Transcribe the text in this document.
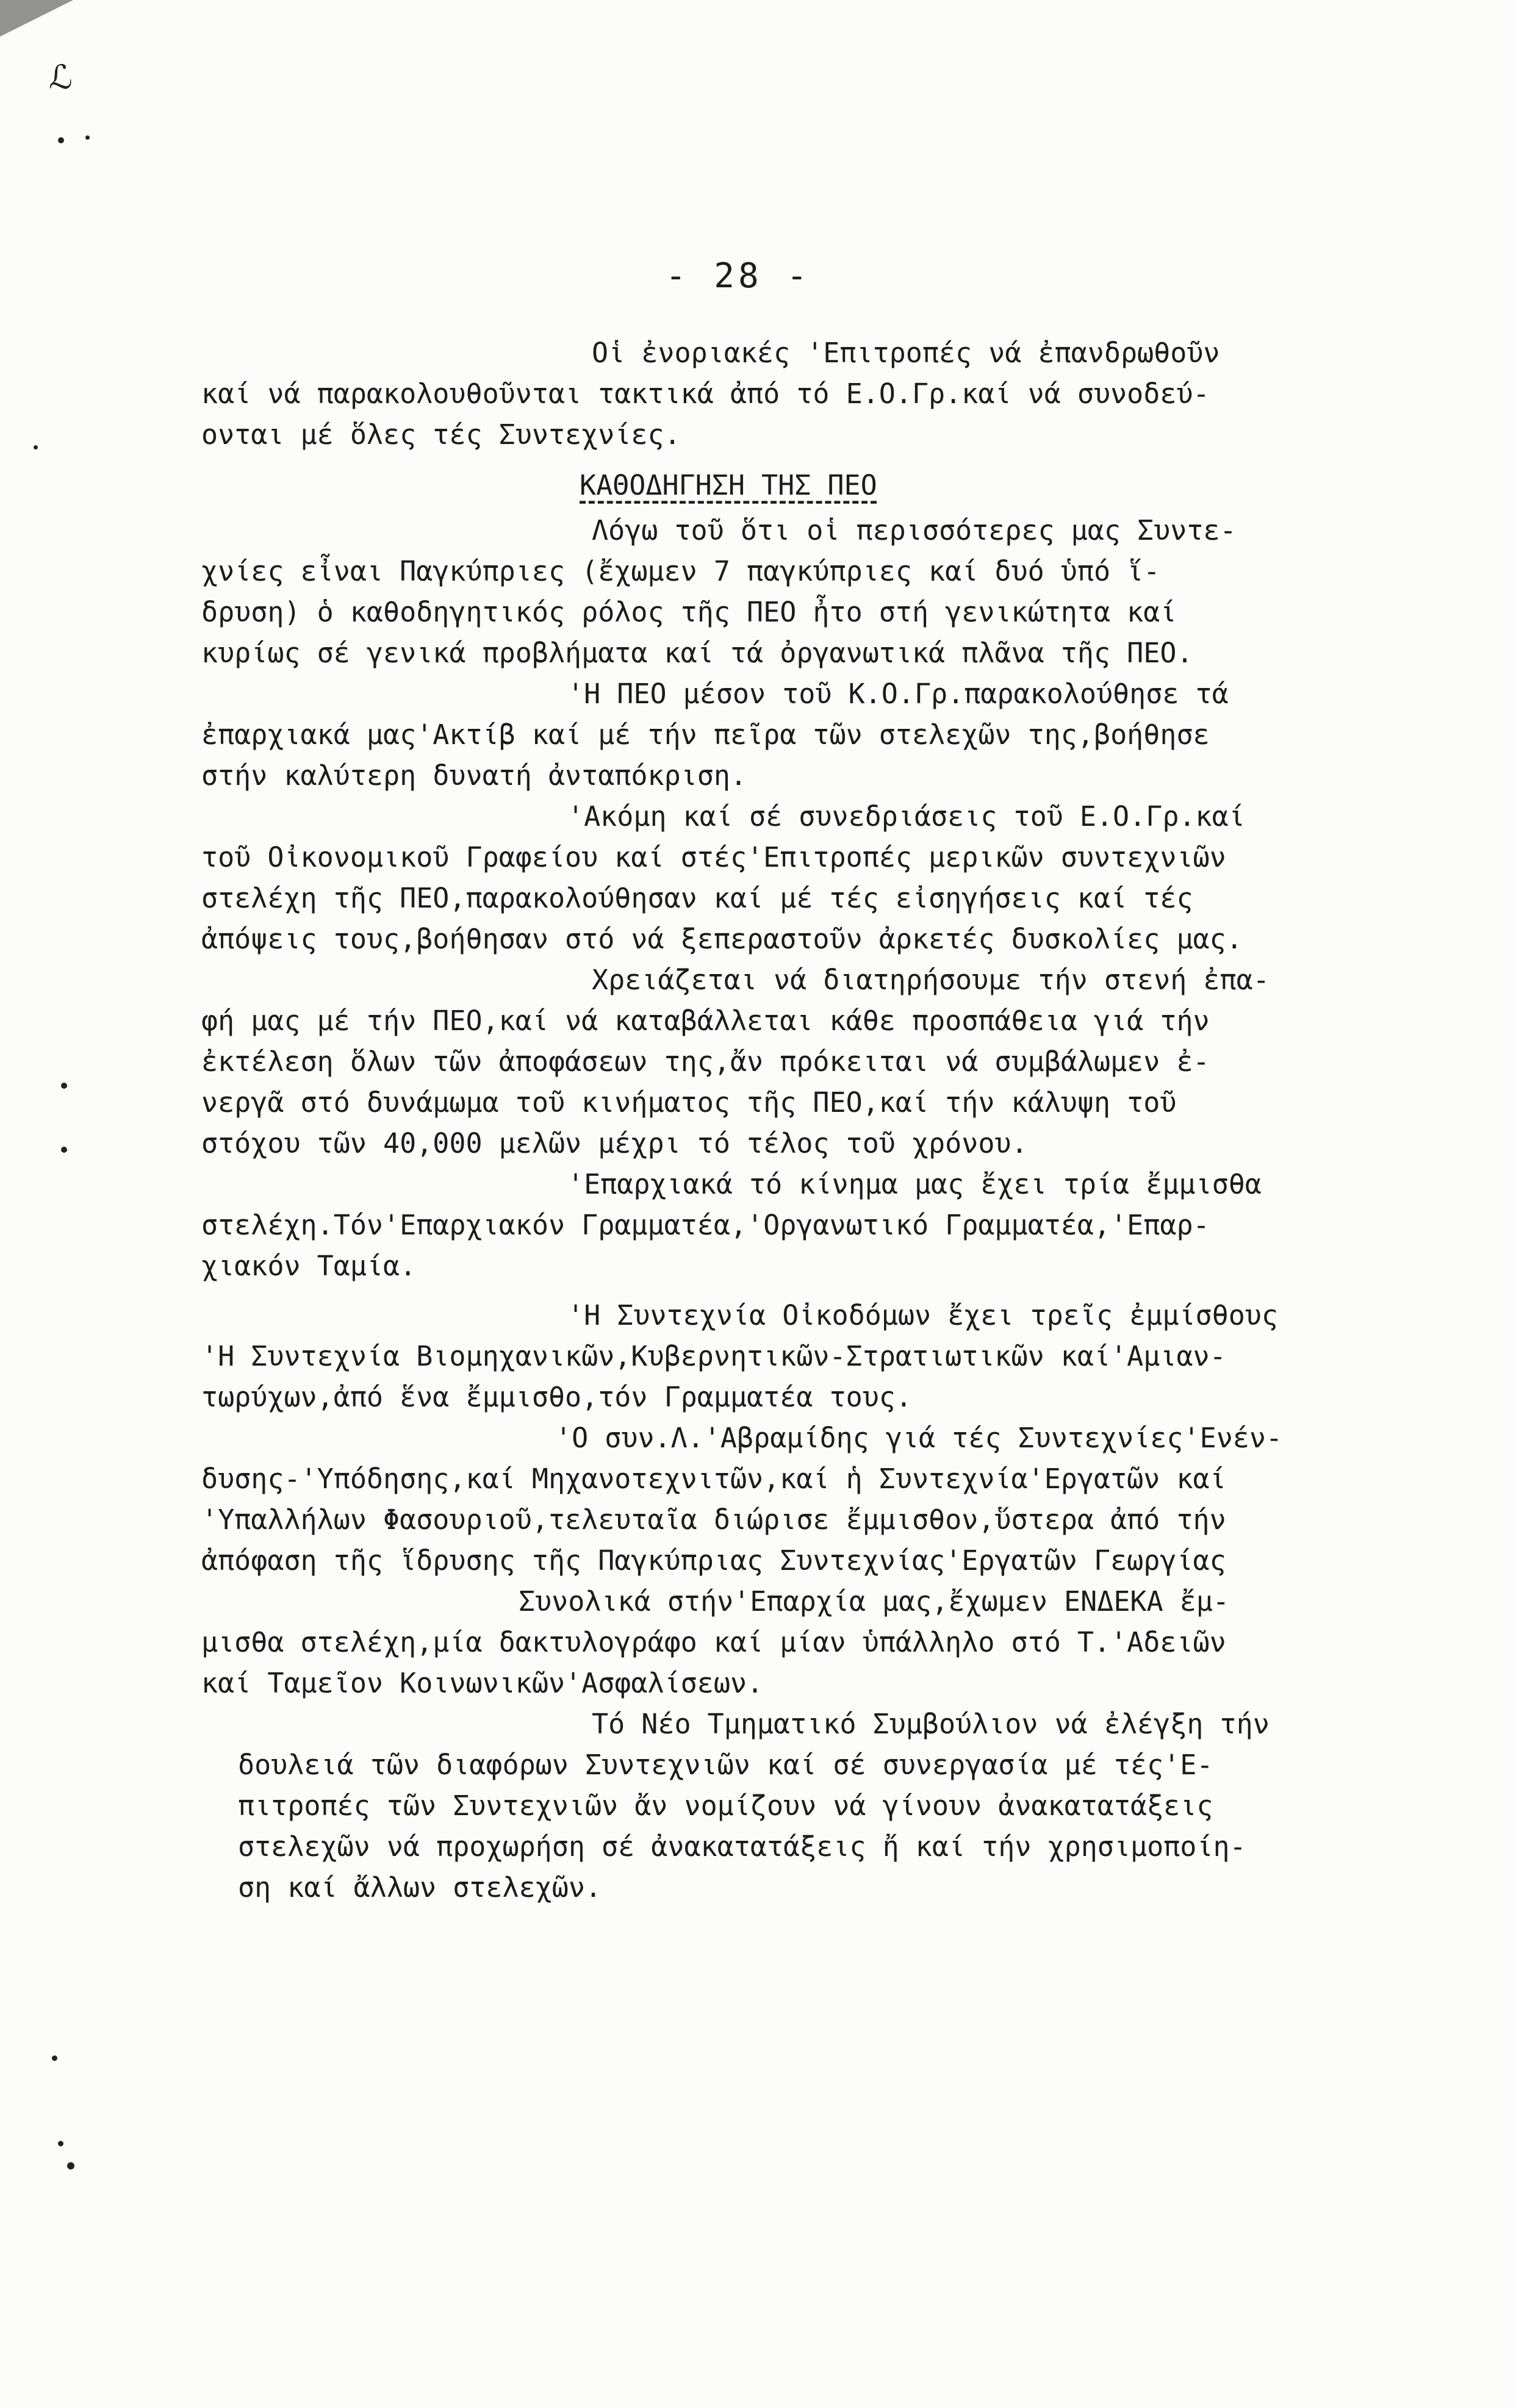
ℒ
- 28 -
Οἱ ἐνοριακές 'Επιτροπές νά ἐπανδρωθοῦν
καί νά παρακολουθοῦνται τακτικά ἀπό τό Ε.Ο.Γρ.καί νά συνοδεύ-
ονται μέ ὅλες τές Συντεχνίες.
ΚΑΘΟΔΗΓΗΣΗ ΤΗΣ ΠΕΟ
Λόγω τοῦ ὅτι οἱ περισσότερες μας Συντε-
χνίες εἶναι Παγκύπριες (ἔχωμεν 7 παγκύπριες καί δυό ὑπό ἵ-
δρυση) ὁ καθοδηγητικός ρόλος τῆς ΠΕΟ ἦτο στή γενικώτητα καί
κυρίως σέ γενικά προβλήματα καί τά ὀργανωτικά πλᾶνα τῆς ΠΕΟ.
'Η ΠΕΟ μέσον τοῦ Κ.Ο.Γρ.παρακολούθησε τά
ἐπαρχιακά μας'Ακτίβ καί μέ τήν πεῖρα τῶν στελεχῶν της,βοήθησε
στήν καλύτερη δυνατή ἀνταπόκριση.
'Ακόμη καί σέ συνεδριάσεις τοῦ Ε.Ο.Γρ.καί
τοῦ Οἰκονομικοῦ Γραφείου καί στές'Επιτροπές μερικῶν συντεχνιῶν
στελέχη τῆς ΠΕΟ,παρακολούθησαν καί μέ τές εἰσηγήσεις καί τές
ἀπόψεις τους,βοήθησαν στό νά ξεπεραστοῦν ἀρκετές δυσκολίες μας.
Χρειάζεται νά διατηρήσουμε τήν στενή ἐπα-
φή μας μέ τήν ΠΕΟ,καί νά καταβάλλεται κάθε προσπάθεια γιά τήν
ἐκτέλεση ὅλων τῶν ἀποφάσεων της,ἄν πρόκειται νά συμβάλωμεν ἐ-
νεργᾶ στό δυνάμωμα τοῦ κινήματος τῆς ΠΕΟ,καί τήν κάλυψη τοῦ
στόχου τῶν 40,000 μελῶν μέχρι τό τέλος τοῦ χρόνου.
'Επαρχιακά τό κίνημα μας ἔχει τρία ἔμμισθα
στελέχη.Τόν'Επαρχιακόν Γραμματέα,'Οργανωτικό Γραμματέα,'Επαρ-
χιακόν Ταμία.
'Η Συντεχνία Οἰκοδόμων ἔχει τρεῖς ἐμμίσθους
'Η Συντεχνία Βιομηχανικῶν,Κυβερνητικῶν-Στρατιωτικῶν καί'Αμιαν-
τωρύχων,ἀπό ἕνα ἔμμισθο,τόν Γραμματέα τους.
'Ο συν.Λ.'Αβραμίδης γιά τές Συντεχνίες'Ενέν-
δυσης-'Υπόδησης,καί Μηχανοτεχνιτῶν,καί ἡ Συντεχνία'Εργατῶν καί
'Υπαλλήλων Φασουριοῦ,τελευταῖα διώρισε ἔμμισθον,ὕστερα ἀπό τήν
ἀπόφαση τῆς ἵδρυσης τῆς Παγκύπριας Συντεχνίας'Εργατῶν Γεωργίας
Συνολικά στήν'Επαρχία μας,ἔχωμεν ΕΝΔΕΚΑ ἔμ-
μισθα στελέχη,μία δακτυλογράφο καί μίαν ὑπάλληλο στό Τ.'Αδειῶν
καί Ταμεῖον Κοινωνικῶν'Ασφαλίσεων.
Τό Νέο Τμηματικό Συμβούλιον νά ἐλέγξη τήν
δουλειά τῶν διαφόρων Συντεχνιῶν καί σέ συνεργασία μέ τές'Ε-
πιτροπές τῶν Συντεχνιῶν ἄν νομίζουν νά γίνουν ἀνακατατάξεις
στελεχῶν νά προχωρήση σέ ἀνακατατάξεις ἤ καί τήν χρησιμοποίη-
ση καί ἄλλων στελεχῶν.
